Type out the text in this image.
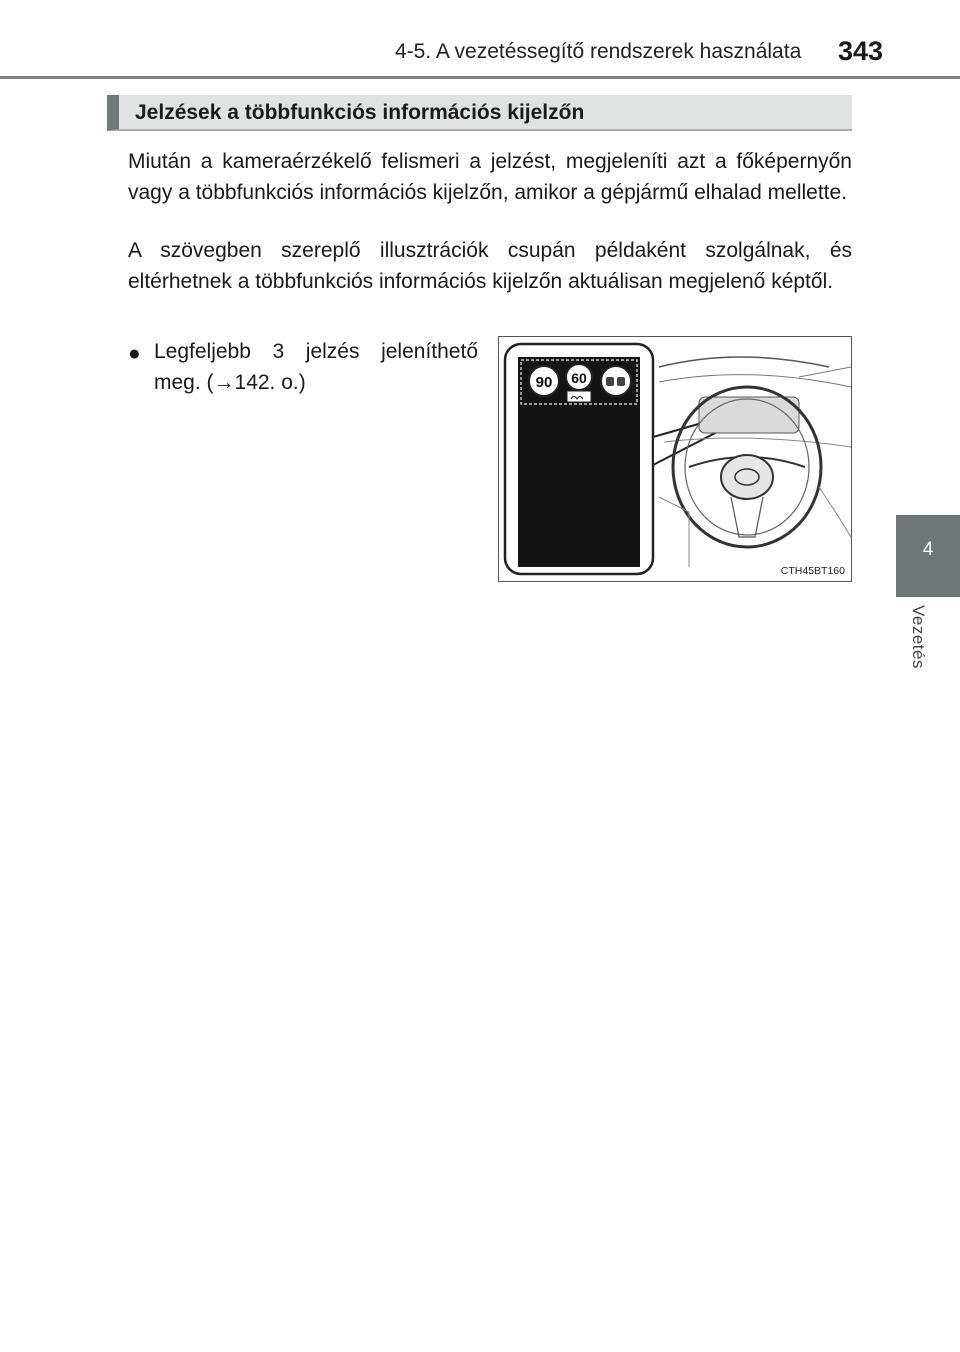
4-5. A vezetéssegítő rendszerek használata 343
4
Vezetés
Jelzések a többfunkciós információs kijelzőn
Miután a kameraérzékelő felismeri a jelzést, megjeleníti azt a főképernyőn vagy a többfunkciós információs kijelzőn, amikor a gépjármű elhalad mellette.
A szövegben szereplő illusztrációk csupán példaként szolgálnak, és eltérhetnek a többfunkciós információs kijelzőn aktuálisan megjelenő képtől.
● Legfeljebb 3 jelzés jeleníthető meg. (→142. o.)	90 60
CTH45BT160
